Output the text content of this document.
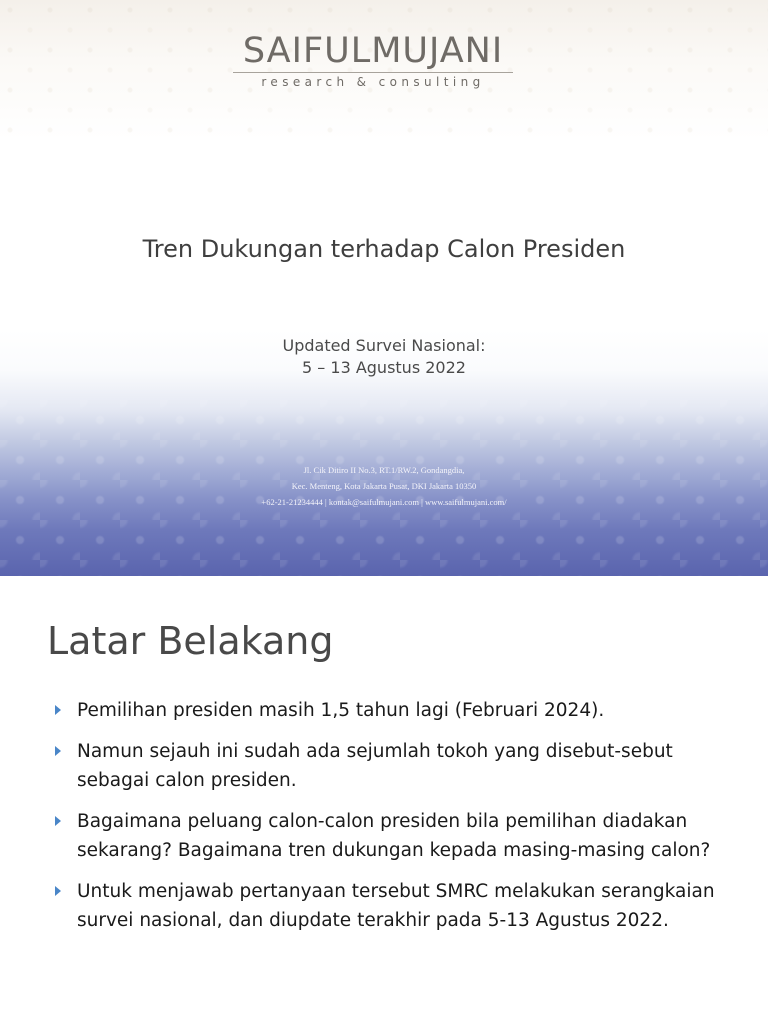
SAIFULMUJANI
research & consulting
Tren Dukungan terhadap Calon Presiden
Updated Survei Nasional:
5 – 13 Agustus 2022
Jl. Cik Ditiro II No.3, RT.1/RW.2, Gondangdia,
Kec. Menteng, Kota Jakarta Pusat, DKI Jakarta 10350
+62-21-21234444 | kontak@saifulmujani.com | www.saifulmujani.com/
Latar Belakang
Pemilihan presiden masih 1,5 tahun lagi (Februari 2024).
Namun sejauh ini sudah ada sejumlah tokoh yang disebut-sebut sebagai calon presiden.
Bagaimana peluang calon-calon presiden bila pemilihan diadakan sekarang? Bagaimana tren dukungan kepada masing-masing calon?
Untuk menjawab pertanyaan tersebut SMRC melakukan serangkaian survei nasional, dan diupdate terakhir pada 5-13 Agustus 2022.
